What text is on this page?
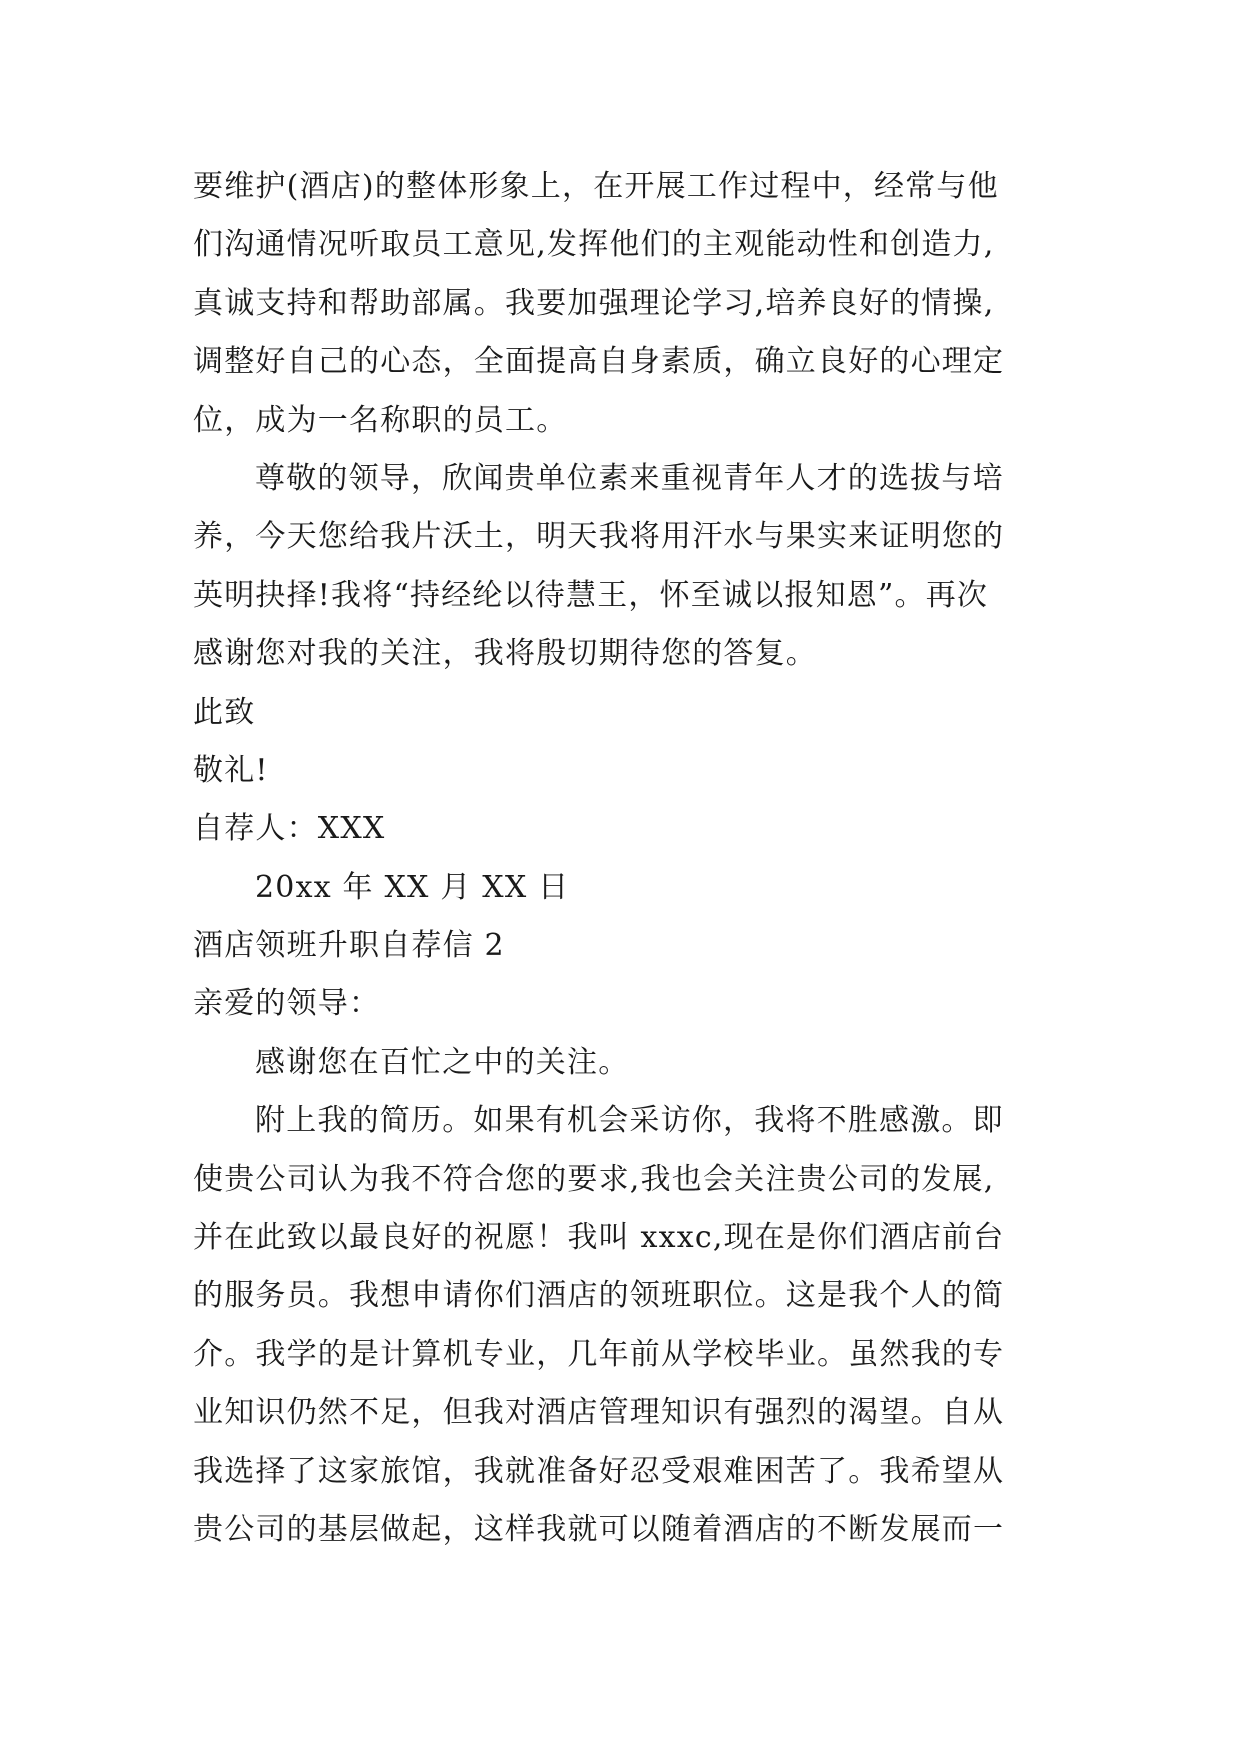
要维护(酒店)的整体形象上，在开展工作过程中，经常与他
们沟通情况听取员工意见,发挥他们的主观能动性和创造力,
真诚支持和帮助部属。我要加强理论学习,培养良好的情操,
调整好自己的心态，全面提高自身素质，确立良好的心理定
位，成为一名称职的员工。
尊敬的领导，欣闻贵单位素来重视青年人才的选拔与培
养，今天您给我片沃土，明天我将用汗水与果实来证明您的
英明抉择!我将“持经纶以待慧王，怀至诚以报知恩”。再次
感谢您对我的关注，我将殷切期待您的答复。
此致
敬礼!
自荐人：XXX
20xx 年 XX 月 XX 日
酒店领班升职自荐信 2
亲爱的领导：
感谢您在百忙之中的关注。
附上我的简历。如果有机会采访你，我将不胜感激。即
使贵公司认为我不符合您的要求,我也会关注贵公司的发展,
并在此致以最良好的祝愿！我叫 xxxc,现在是你们酒店前台
的服务员。我想申请你们酒店的领班职位。这是我个人的简
介。我学的是计算机专业，几年前从学校毕业。虽然我的专
业知识仍然不足，但我对酒店管理知识有强烈的渴望。自从
我选择了这家旅馆，我就准备好忍受艰难困苦了。我希望从
贵公司的基层做起，这样我就可以随着酒店的不断发展而一
